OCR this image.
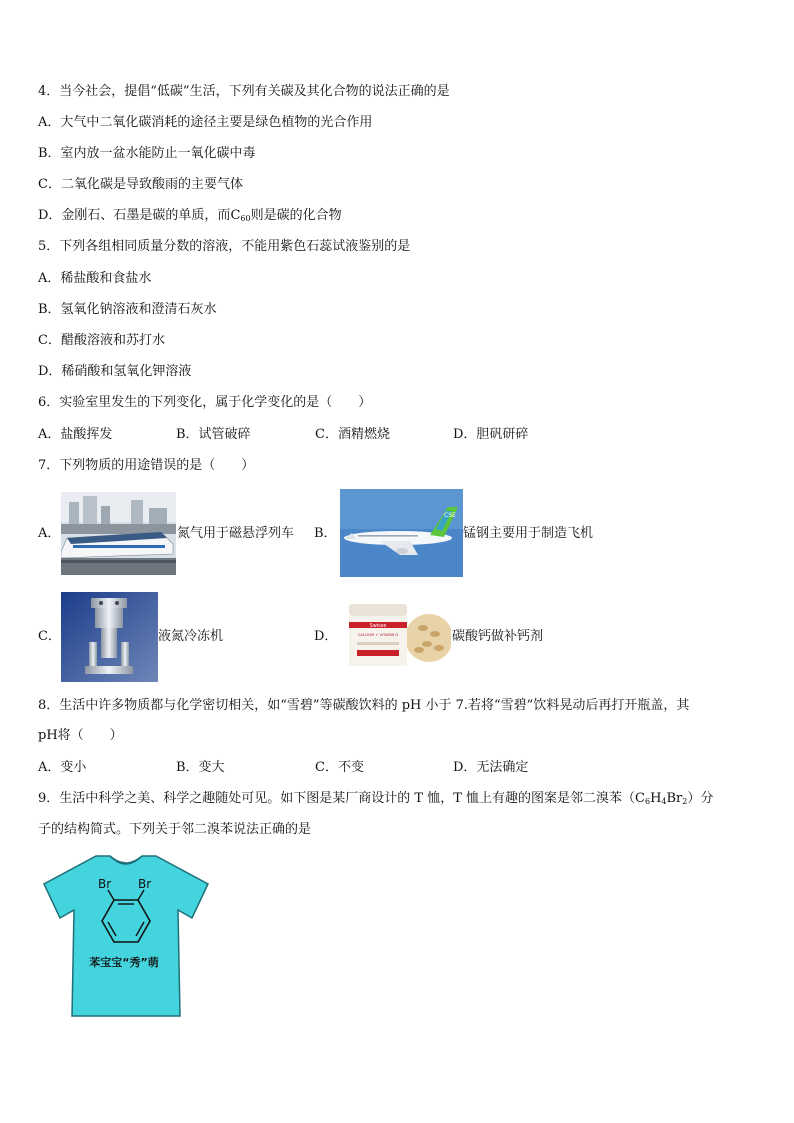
4．当今社会，提倡“低碳”生活，下列有关碳及其化合物的说法正确的是
A．大气中二氧化碳消耗的途径主要是绿色植物的光合作用
B．室内放一盆水能防止一氧化碳中毒
C．二氧化碳是导致酸雨的主要气体
D．金刚石、石墨是碳的单质，而$C_{60}$则是碳的化合物
5．下列各组相同质量分数的溶液，不能用紫色石蕊试液鉴别的是
A．稀盐酸和食盐水
B．氢氧化钠溶液和澄清石灰水
C．醋酸溶液和苏打水
D．稀硝酸和氢氧化钾溶液
6．实验室里发生的下列变化，属于化学变化的是（　　）
A．盐酸挥发	B．试管破碎	C．酒精燃烧	D．胆矾研碎
7．下列物质的用途错误的是（　　）
A．	氮气用于磁悬浮列车 B．
CSE
锰钢主要用于制造飞机
C．	液氮冷冻机	D．
Swisse
CALCIUM + VITAMIN D	碳酸钙做补钙剂
8．生活中许多物质都与化学密切相关，如“雪碧”等碳酸饮料的 pH 小于 7.若将“雪碧”饮料晃动后再打开瓶盖，其
pH将（　　）
A．变小	B．变大	C．不变	D．无法确定
9．生活中科学之美、科学之趣随处可见。如下图是某厂商设计的 T 恤，T 恤上有趣的图案是邻二溴苯$(C_6H_4Br_2)$分
子的结构简式。下列关于邻二溴苯说法正确的是
Br Br
苯宝宝“秀”萌
